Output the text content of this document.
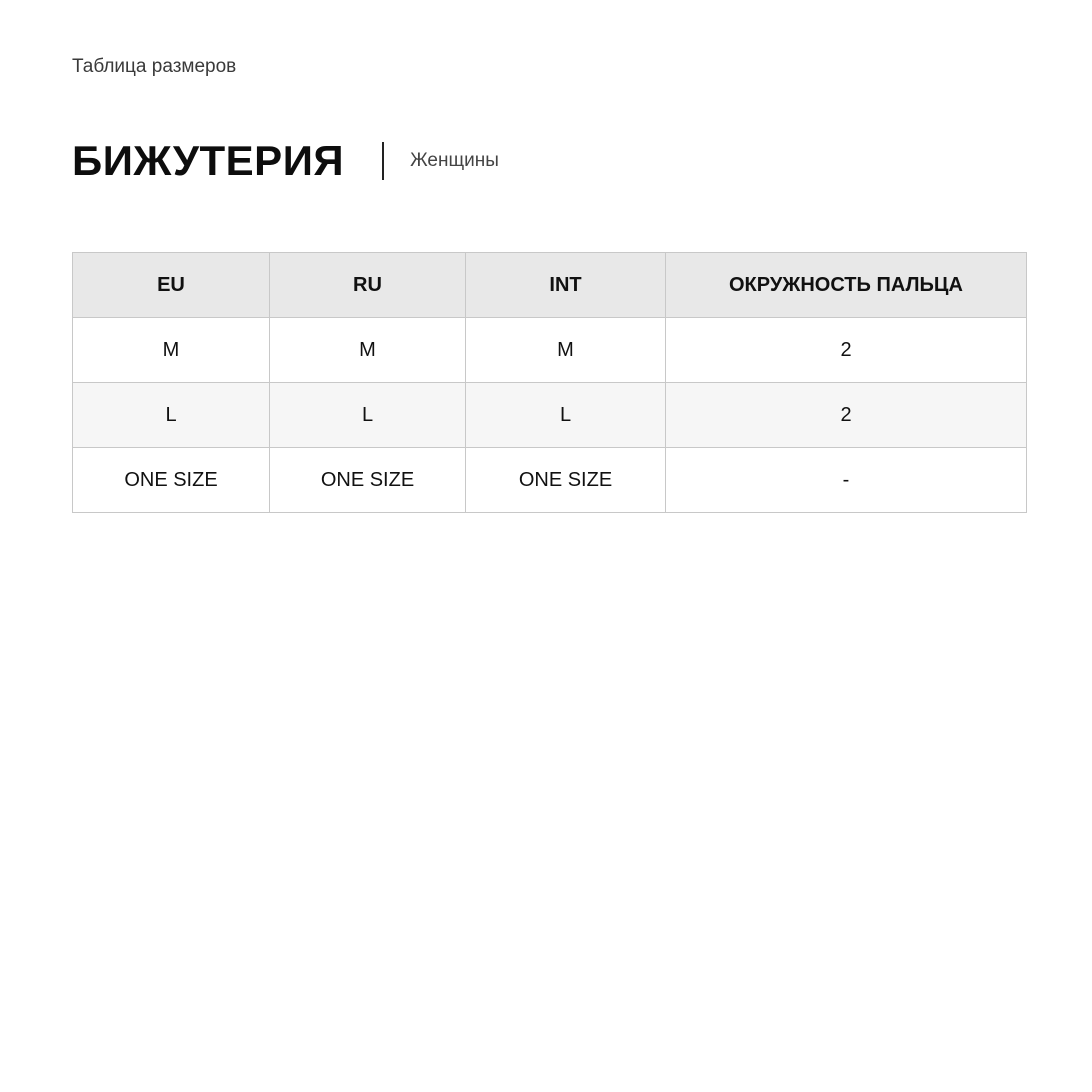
Таблица размеров
БИЖУТЕРИЯ	Женщины
EU	RU	INT	ОКРУЖНОСТЬ ПАЛЬЦА
M	M	M	2
L	L	L	2
ONE SIZE	ONE SIZE	ONE SIZE	-
